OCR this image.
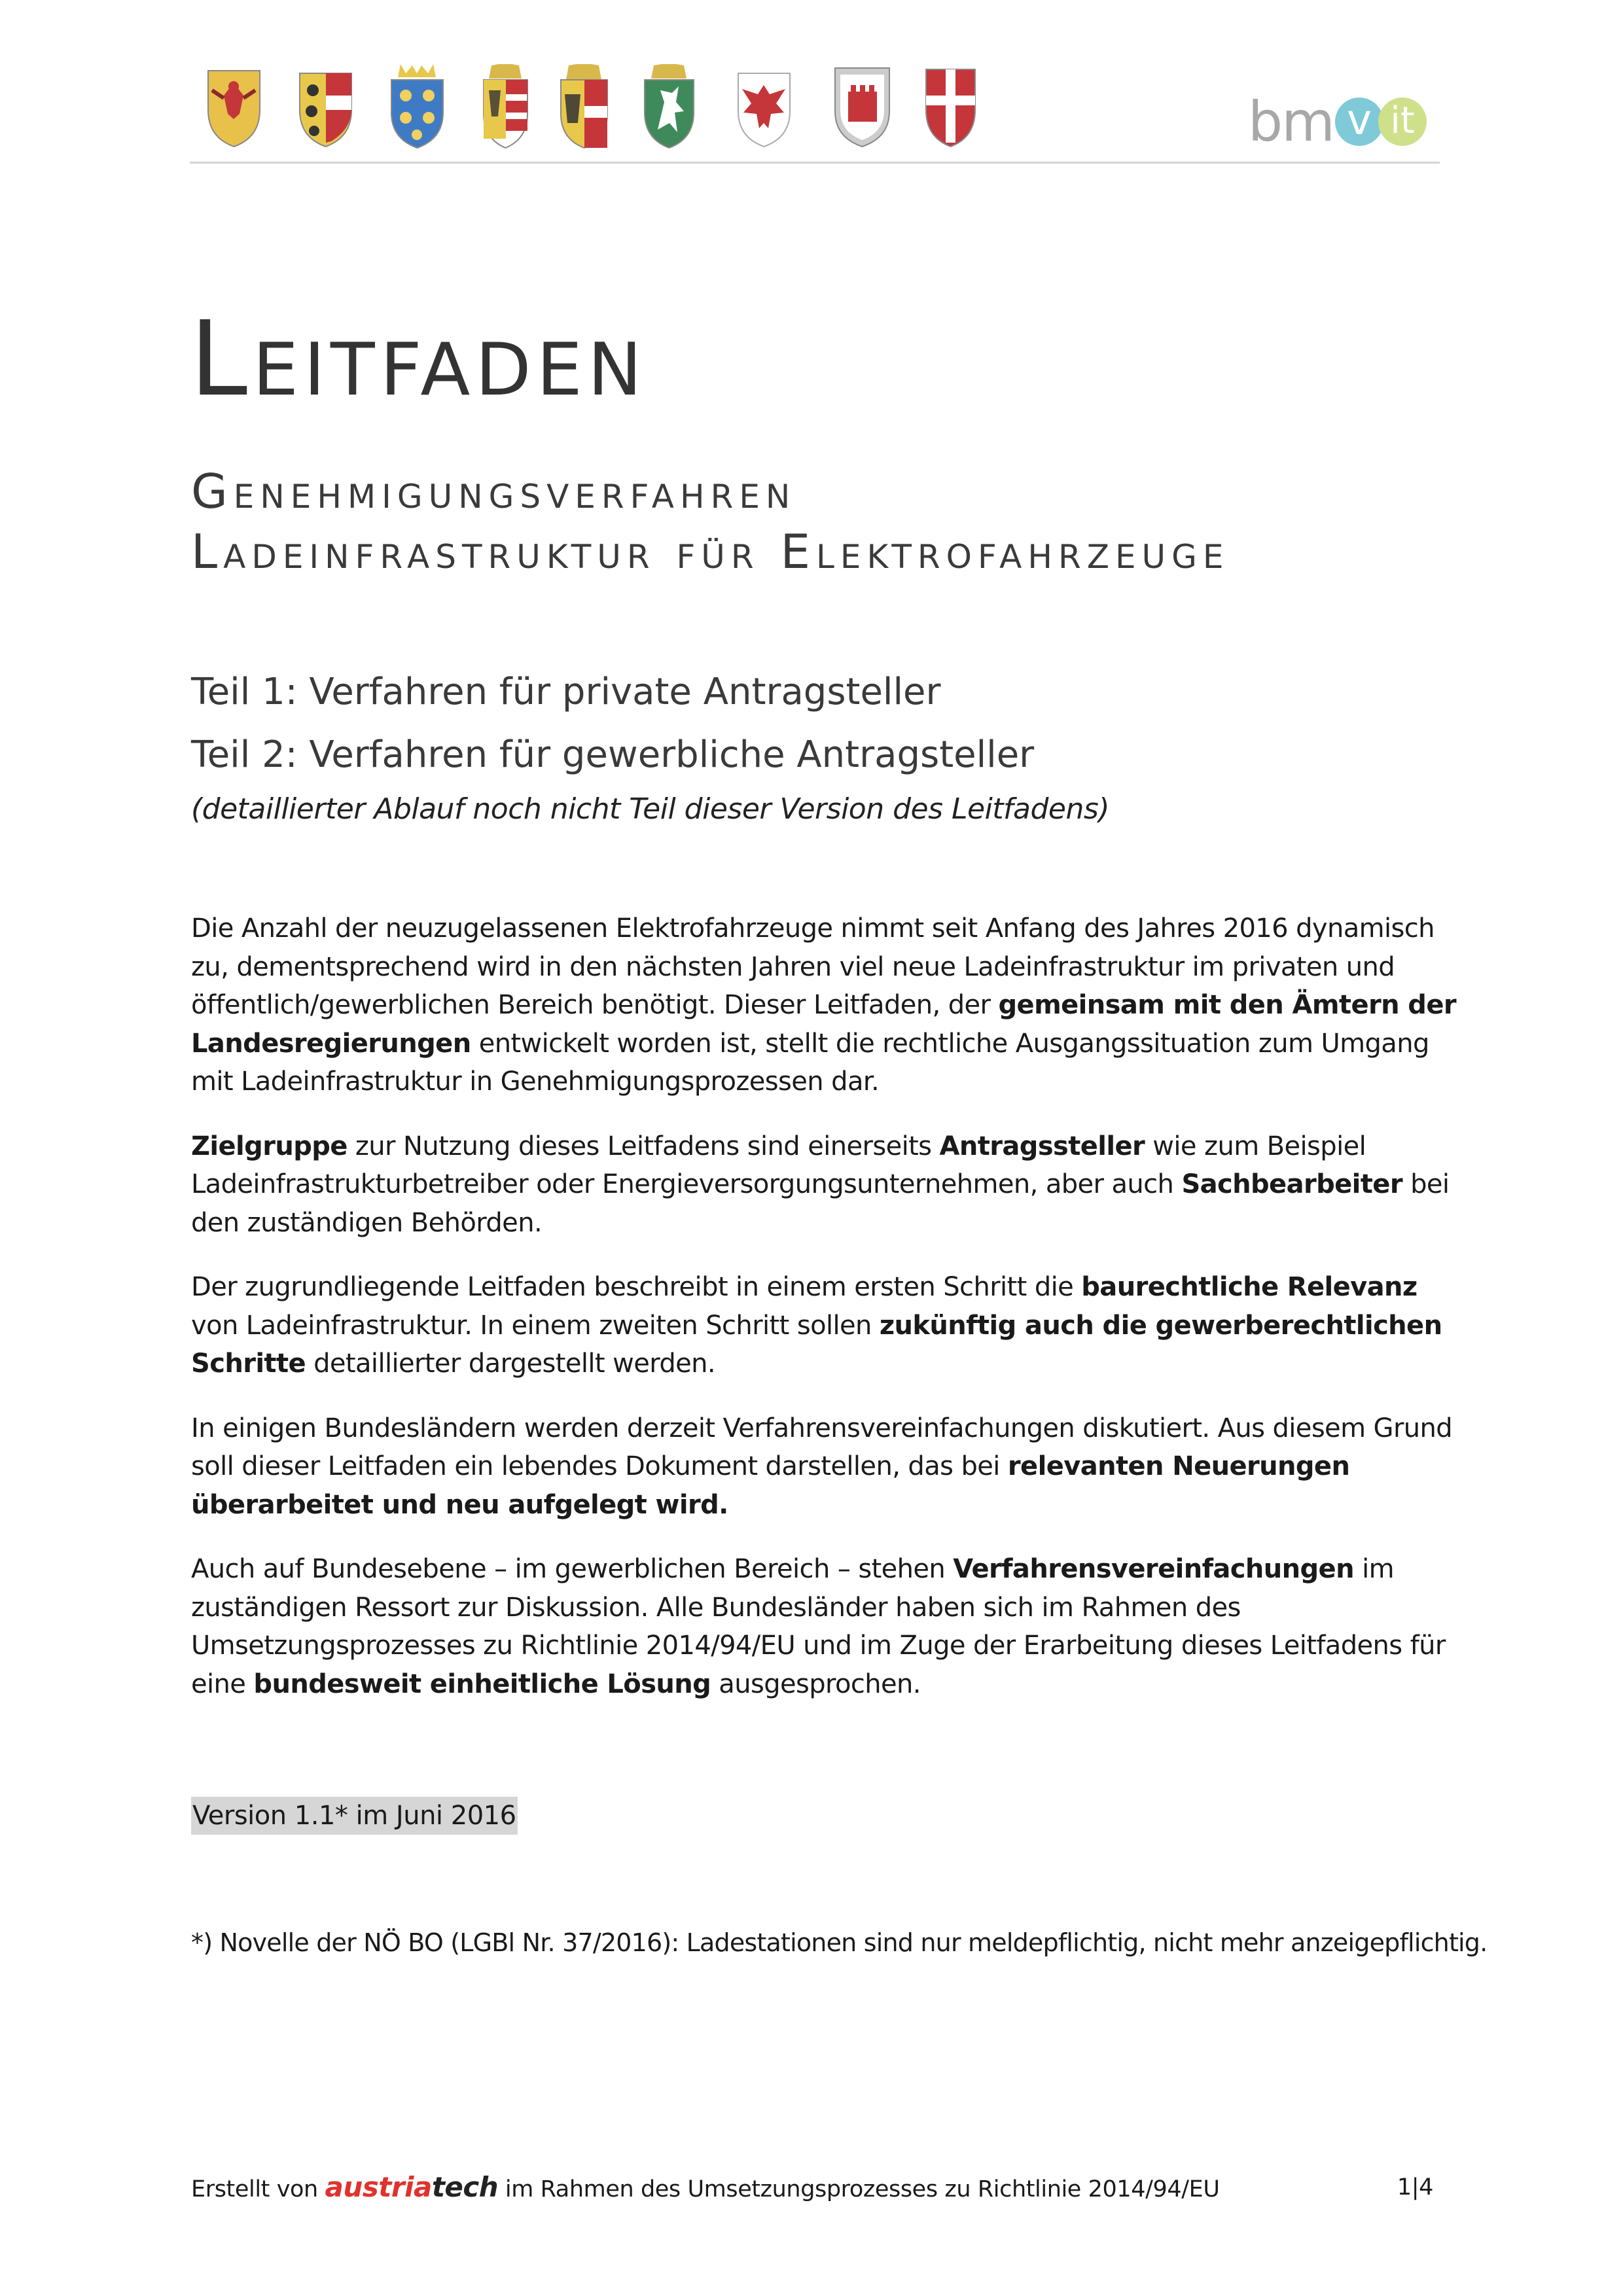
bm v it
Leitfaden
Genehmigungsverfahren
Ladeinfrastruktur für Elektrofahrzeuge
Teil 1: Verfahren für private Antragsteller
Teil 2: Verfahren für gewerbliche Antragsteller
(detaillierter Ablauf noch nicht Teil dieser Version des Leitfadens)

Die Anzahl der neuzugelassenen Elektrofahrzeuge nimmt seit Anfang des Jahres 2016 dynamisch zu, dementsprechend wird in den nächsten Jahren viel neue Ladeinfrastruktur im privaten und öffentlich/gewerblichen Bereich benötigt. Dieser Leitfaden, der gemeinsam mit den Ämtern der Landesregierungen entwickelt worden ist, stellt die rechtliche Ausgangssituation zum Umgang mit Ladeinfrastruktur in Genehmigungsprozessen dar.

Zielgruppe zur Nutzung dieses Leitfadens sind einerseits Antragssteller wie zum Beispiel Ladeinfrastrukturbetreiber oder Energieversorgungsunternehmen, aber auch Sachbearbeiter bei den zuständigen Behörden.

Der zugrundliegende Leitfaden beschreibt in einem ersten Schritt die baurechtliche Relevanz von Ladeinfrastruktur. In einem zweiten Schritt sollen zukünftig auch die gewerberechtlichen Schritte detaillierter dargestellt werden.

In einigen Bundesländern werden derzeit Verfahrensvereinfachungen diskutiert. Aus diesem Grund soll dieser Leitfaden ein lebendes Dokument darstellen, das bei relevanten Neuerungen überarbeitet und neu aufgelegt wird.

Auch auf Bundesebene – im gewerblichen Bereich – stehen Verfahrensvereinfachungen im zuständigen Ressort zur Diskussion. Alle Bundesländer haben sich im Rahmen des Umsetzungsprozesses zu Richtlinie 2014/94/EU und im Zuge der Erarbeitung dieses Leitfadens für eine bundesweit einheitliche Lösung ausgesprochen.

Version 1.1* im Juni 2016
*) Novelle der NÖ BO (LGBl Nr. 37/2016): Ladestationen sind nur meldepflichtig, nicht mehr anzeigepflichtig.
Erstellt von austriatech im Rahmen des Umsetzungsprozesses zu Richtlinie 2014/94/EU	1|4
